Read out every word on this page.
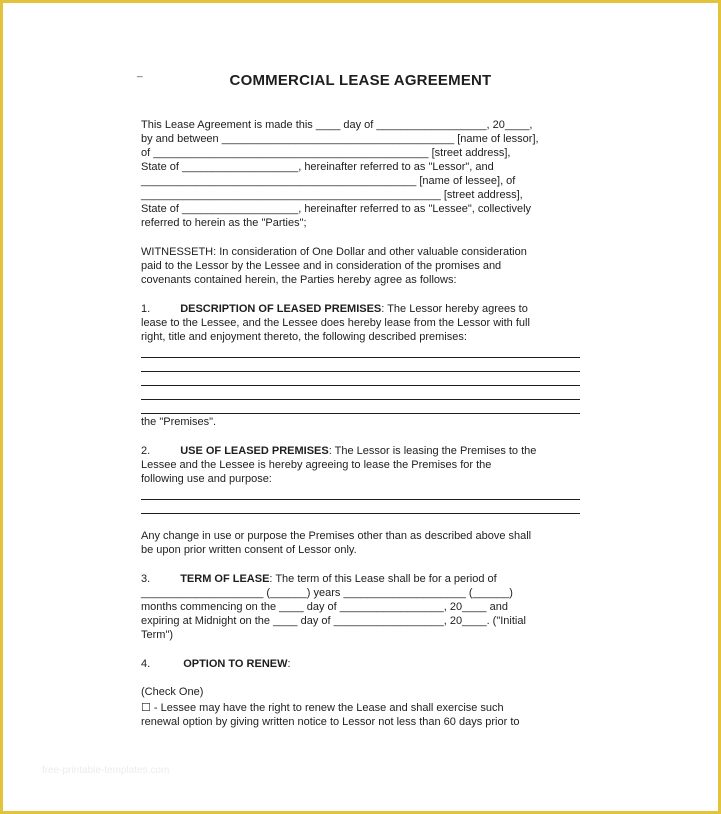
_	COMMERCIAL LEASE AGREEMENT
This Lease Agreement is made this ____ day of __________________, 20____,
by and between ______________________________________ [name of lessor],
of _____________________________________________ [street address],
State of ___________________, hereinafter referred to as "Lessor", and
_____________________________________________ [name of lessee], of
_________________________________________________ [street address],
State of ___________________, hereinafter referred to as "Lessee", collectively
referred to herein as the "Parties";
WITNESSETH: In consideration of One Dollar and other valuable consideration
paid to the Lessor by the Lessee and in consideration of the promises and
covenants contained herein, the Parties hereby agree as follows:
1.	DESCRIPTION OF LEASED PREMISES: The Lessor hereby agrees to
lease to the Lessee, and the Lessee does hereby lease from the Lessor with full
right, title and enjoyment thereto, the following described premises:
the "Premises".
2.	USE OF LEASED PREMISES: The Lessor is leasing the Premises to the
Lessee and the Lessee is hereby agreeing to lease the Premises for the
following use and purpose:
Any change in use or purpose the Premises other than as described above shall
be upon prior written consent of Lessor only.
3.	TERM OF LEASE: The term of this Lease shall be for a period of
____________________ (______) years ____________________ (______)
months commencing on the ____ day of _________________, 20____ and
expiring at Midnight on the ____ day of __________________, 20____. ("Initial
Term")
4.	OPTION TO RENEW:
(Check One)
☐ - Lessee may have the right to renew the Lease and shall exercise such
renewal option by giving written notice to Lessor not less than 60 days prior to
free-printable-templates.com
